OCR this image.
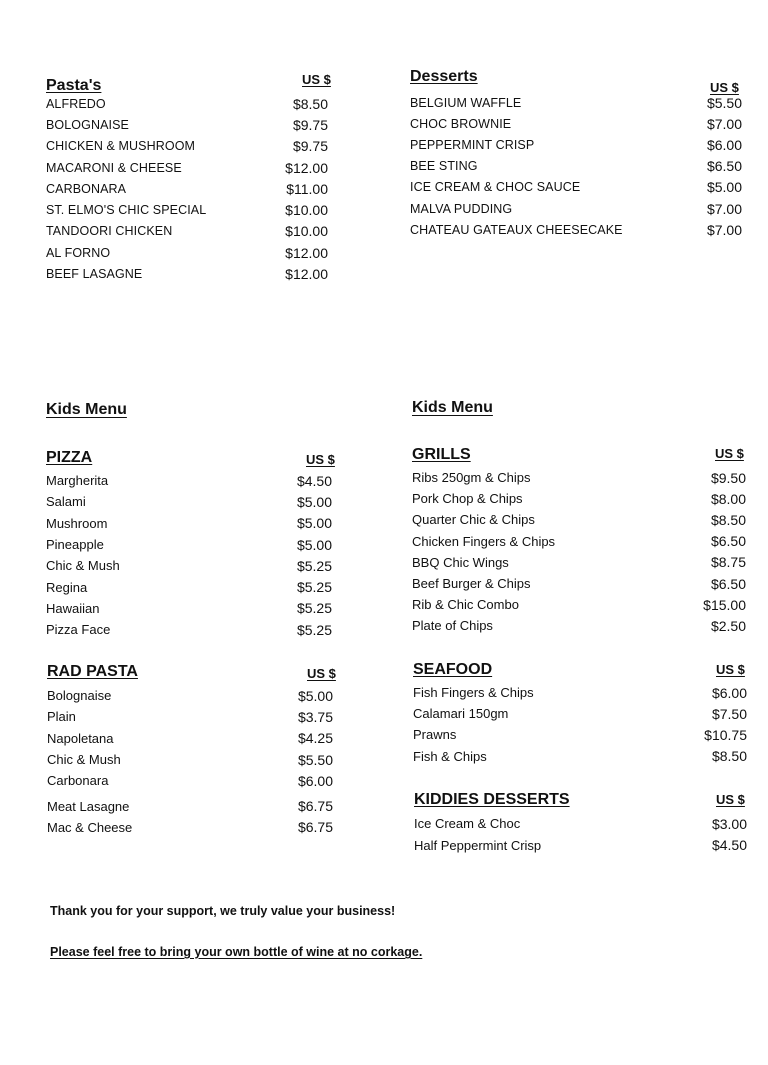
Pasta's	US $
ALFREDO	$8.50
BOLOGNAISE	$9.75
CHICKEN & MUSHROOM	$9.75
MACARONI & CHEESE	$12.00
CARBONARA	$11.00
ST. ELMO'S CHIC SPECIAL	$10.00
TANDOORI CHICKEN	$10.00
AL FORNO	$12.00
BEEF LASAGNE	$12.00
Desserts
US $
BELGIUM WAFFLE	$5.50
CHOC BROWNIE	$7.00
PEPPERMINT CRISP	$6.00
BEE STING	$6.50
ICE CREAM & CHOC SAUCE	$5.00
MALVA PUDDING	$7.00
CHATEAU GATEAUX CHEESECAKE	$7.00
Kids Menu	Kids Menu
PIZZA	US $
Margherita	$4.50
Salami	$5.00
Mushroom	$5.00
Pineapple	$5.00
Chic & Mush	$5.25
Regina	$5.25
Hawaiian	$5.25
Pizza Face	$5.25
RAD PASTA	US $
Bolognaise	$5.00
Plain	$3.75
Napoletana	$4.25
Chic & Mush	$5.50
Carbonara	$6.00
Meat Lasagne	$6.75
Mac & Cheese	$6.75
GRILLS	US $
Ribs 250gm & Chips	$9.50
Pork Chop & Chips	$8.00
Quarter Chic & Chips	$8.50
Chicken Fingers & Chips	$6.50
BBQ Chic Wings	$8.75
Beef Burger & Chips	$6.50
Rib & Chic Combo	$15.00
Plate of Chips	$2.50
SEAFOOD	US $
Fish Fingers & Chips	$6.00
Calamari 150gm	$7.50
Prawns	$10.75
Fish & Chips	$8.50
KIDDIES DESSERTS	US $
Ice Cream & Choc	$3.00
Half Peppermint Crisp	$4.50
Thank you for your support, we truly value your business!
Please feel free to bring your own bottle of wine at no corkage.
